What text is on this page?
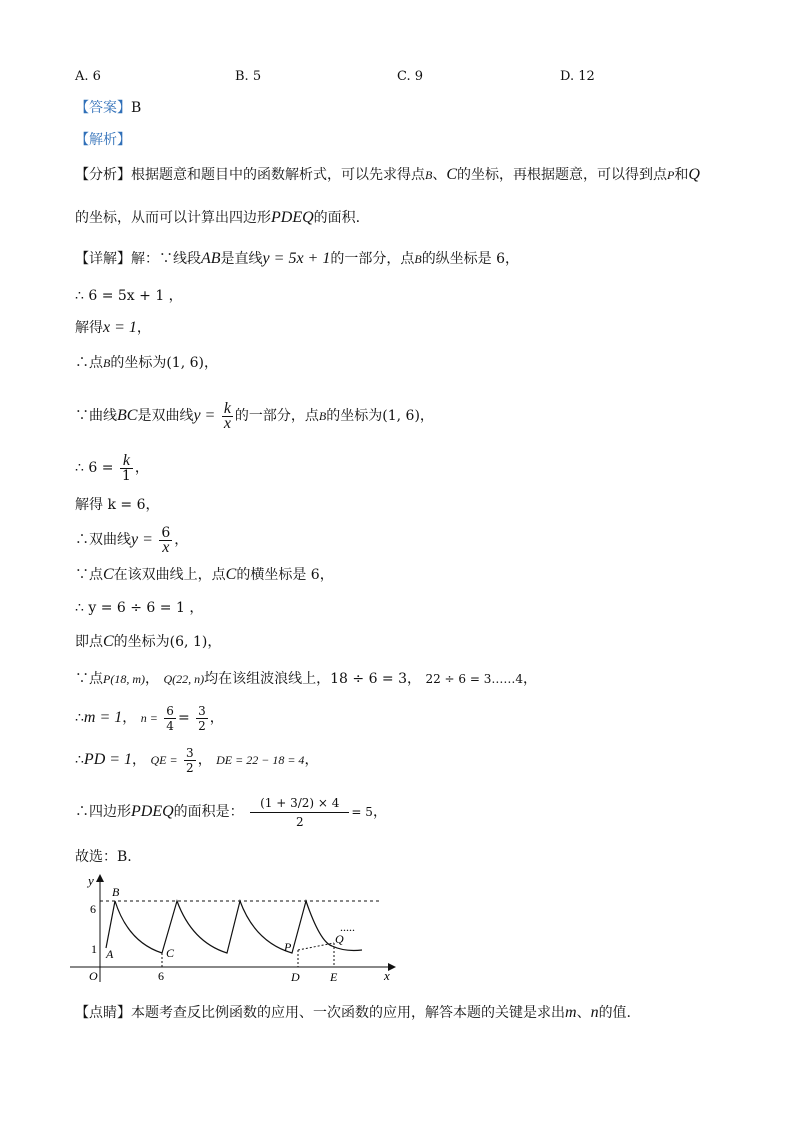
A. 6	B. 5	C. 9	D. 12
【答案】B
【解析】
【分析】根据题意和题目中的函数解析式，可以先求得点B、C的坐标，再根据题意，可以得到点P和Q
的坐标，从而可以计算出四边形PDEQ的面积.
【详解】解：∵线段AB是直线y = 5x + 1的一部分，点B的纵坐标是 6，
∴ 6 = 5x + 1 ，
解得x = 1，
∴点B的坐标为(1, 6)，
∵曲线BC是双曲线$y = \frac{k}{x}$ 的一部分，点B的坐标为(1, 6)，
∴ $6 = \frac{k}{1}$ ，
解得 k = 6，
∴双曲线$y = \frac{6}{x}$ ，
∵点C在该双曲线上，点C的横坐标是 6，
∴ y = 6 ÷ 6 = 1 ，
即点C的坐标为(6, 1)，
∵点P(18, m)， Q(22, n)均在该组波浪线上，18 ÷ 6 = 3， 22 ÷ 6 = 3……4，
∴m = 1， $n = \frac{6}{4} = \frac{3}{2}$ ，
∴PD = 1， QE = $\frac{3}{2}$ ， DE = 22 − 18 = 4，
∴四边形PDEQ的面积是： $\frac{(1 + 3/2) \times 4}{2} = 5$，
故选：B.
y
x
B
A	C
O
P
Q
D	E
6
1
6
.....
【点睛】本题考查反比例函数的应用、一次函数的应用，解答本题的关键是求出m、n的值.
